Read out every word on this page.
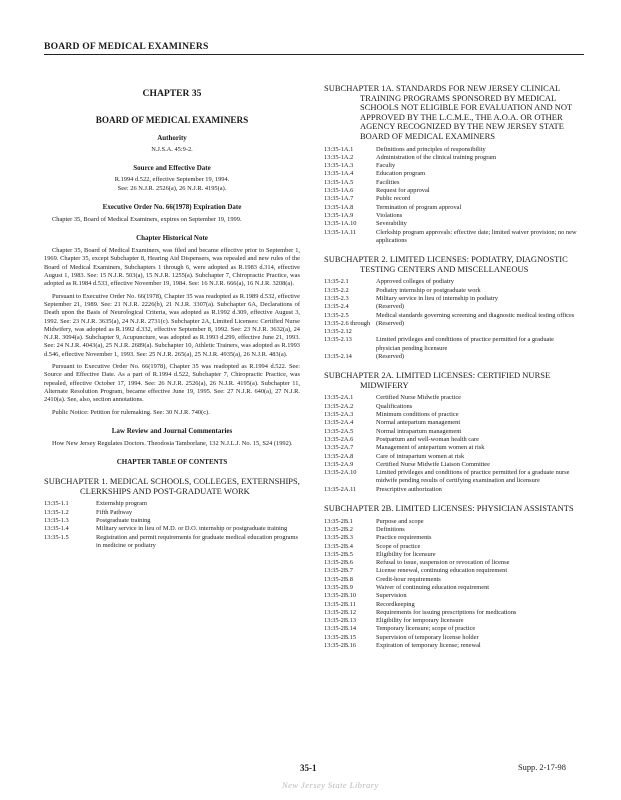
BOARD OF MEDICAL EXAMINERS
CHAPTER 35
BOARD OF MEDICAL EXAMINERS
Authority
N.J.S.A. 45:9-2.
Source and Effective Date
R.1994 d.522, effective September 19, 1994.
See: 26 N.J.R. 2526(a), 26 N.J.R. 4195(a).
Executive Order No. 66(1978) Expiration Date

Chapter 35, Board of Medical Examiners, expires on September 19, 1999.

Chapter Historical Note

Chapter 35, Board of Medical Examiners, was filed and became effective prior to September 1, 1969. Chapter 35, except Subchapter 8, Hearing Aid Dispensers, was repealed and new rules of the Board of Medical Examiners, Subchapters 1 through 6, were adopted as R.1983 d.314, effective August 1, 1983. See: 15 N.J.R. 503(a), 15 N.J.R. 1255(a). Subchapter 7, Chiropractic Practice, was adopted as R.1984 d.533, effective November 19, 1984. See: 16 N.J.R. 666(a), 16 N.J.R. 3208(a).

Pursuant to Executive Order No. 66(1978), Chapter 35 was readopted as R.1989 d.532, effective September 21, 1989. See: 21 N.J.R. 2226(b), 21 N.J.R. 3307(a). Subchapter 6A, Declarations of Death upon the Basis of Neurological Criteria, was adopted as R.1992 d.309, effective August 3, 1992. See: 23 N.J.R. 3635(a), 24 N.J.R. 2731(c). Subchapter 2A, Limited Licenses: Certified Nurse Midwifery, was adopted as R.1992 d.332, effective September 8, 1992. See: 23 N.J.R. 3632(a), 24 N.J.R. 3094(a). Subchapter 9, Acupuncture, was adopted as R.1993 d.299, effective June 21, 1993. See: 24 N.J.R. 4043(a), 25 N.J.R. 2689(a). Subchapter 10, Athletic Trainers, was adopted as R.1993 d.546, effective November 1, 1993. See: 25 N.J.R. 265(a), 25 N.J.R. 4935(a), 26 N.J.R. 483(a).

Pursuant to Executive Order No. 66(1978), Chapter 35 was readopted as R.1994 d.522. See: Source and Effective Date. As a part of R.1994 d.522, Subchapter 7, Chiropractic Practice, was repealed, effective October 17, 1994. See: 26 N.J.R. 2526(a), 26 N.J.R. 4195(a). Subchapter 11, Alternate Resolution Program, became effective June 19, 1995. See: 27 N.J.R. 640(a), 27 N.J.R. 2410(a). See, also, section annotations.

Public Notice: Petition for rulemaking. See: 30 N.J.R. 740(c).

Law Review and Journal Commentaries

How New Jersey Regulates Doctors. Theodosia Tamborlane, 132 N.J.L.J. No. 15, S24 (1992).

CHAPTER TABLE OF CONTENTS
SUBCHAPTER 1. MEDICAL SCHOOLS, COLLEGES, EXTERNSHIPS, CLERKSHIPS AND POST-GRADUATE WORK
13:35-1.1	Externship program
13:35-1.2	Fifth Pathway
13:35-1.3	Postgraduate training
13:35-1.4	Military service in lieu of M.D. or D.O. internship or postgraduate training
13:35-1.5	Registration and permit requirements for graduate medical education programs in medicine or podiatry
SUBCHAPTER 1A. STANDARDS FOR NEW JERSEY CLINICAL TRAINING PROGRAMS SPONSORED BY MEDICAL SCHOOLS NOT ELIGIBLE FOR EVALUATION AND NOT APPROVED BY THE L.C.M.E., THE A.O.A. OR OTHER AGENCY RECOGNIZED BY THE NEW JERSEY STATE BOARD OF MEDICAL EXAMINERS
13:35-1A.1	Definitions and principles of responsibility
13:35-1A.2	Administration of the clinical training program
13:35-1A.3	Faculty
13:35-1A.4	Education program
13:35-1A.5	Facilities
13:35-1A.6	Request for approval
13:35-1A.7	Public record
13:35-1A.8	Termination of program approval
13:35-1A.9	Violations
13:35-1A.10	Severability
13:35-1A.11	Clerkship program approvals: effective date; limited waiver provision; no new applications
SUBCHAPTER 2. LIMITED LICENSES: PODIATRY, DIAGNOSTIC TESTING CENTERS AND MISCELLANEOUS
13:35-2.1	Approved colleges of podiatry
13:35-2.2	Podiatry internship or postgraduate work
13:35-2.3	Military service in lieu of internship in podiatry
13:35-2.4	(Reserved)
13:35-2.5	Medical standards governing screening and diagnostic medical testing offices
13:35-2.6 through 13:35-2.12
(Reserved)
13:35-2.13	Limited privileges and conditions of practice permitted for a graduate physician pending licensure
13:35-2.14	(Reserved)
SUBCHAPTER 2A. LIMITED LICENSES: CERTIFIED NURSE MIDWIFERY
13:35-2A.1	Certified Nurse Midwife practice
13:35-2A.2	Qualifications
13:35-2A.3	Minimum conditions of practice
13:35-2A.4	Normal antepartum management
13:35-2A.5	Normal intrapartum management
13:35-2A.6	Postpartum and well-woman health care
13:35-2A.7	Management of antepartum women at risk
13:35-2A.8	Care of intrapartum women at risk
13:35-2A.9	Certified Nurse Midwife Liaison Committee
13:35-2A.10	Limited privileges and conditions of practice permitted for a graduate nurse midwife pending results of certifying examination and licensure
13:35-2A.11	Prescriptive authorization
SUBCHAPTER 2B. LIMITED LICENSES: PHYSICIAN ASSISTANTS
13:35-2B.1	Purpose and scope
13:35-2B.2	Definitions
13:35-2B.3	Practice requirements
13:35-2B.4	Scope of practice
13:35-2B.5	Eligibility for licensure
13:35-2B.6	Refusal to issue, suspension or revocation of license
13:35-2B.7	License renewal, continuing education requirement
13:35-2B.8	Credit-hour requirements
13:35-2B.9	Waiver of continuing education requirement
13:35-2B.10	Supervision
13:35-2B.11	Recordkeeping
13:35-2B.12	Requirements for issuing prescriptions for medications
13:35-2B.13	Eligibility for temporary licensure
13:35-2B.14	Temporary licensure; scope of practice
13:35-2B.15	Supervision of temporary license holder
13:35-2B.16	Expiration of temporary license; renewal
35-1	Supp. 2-17-98
New Jersey State Library
